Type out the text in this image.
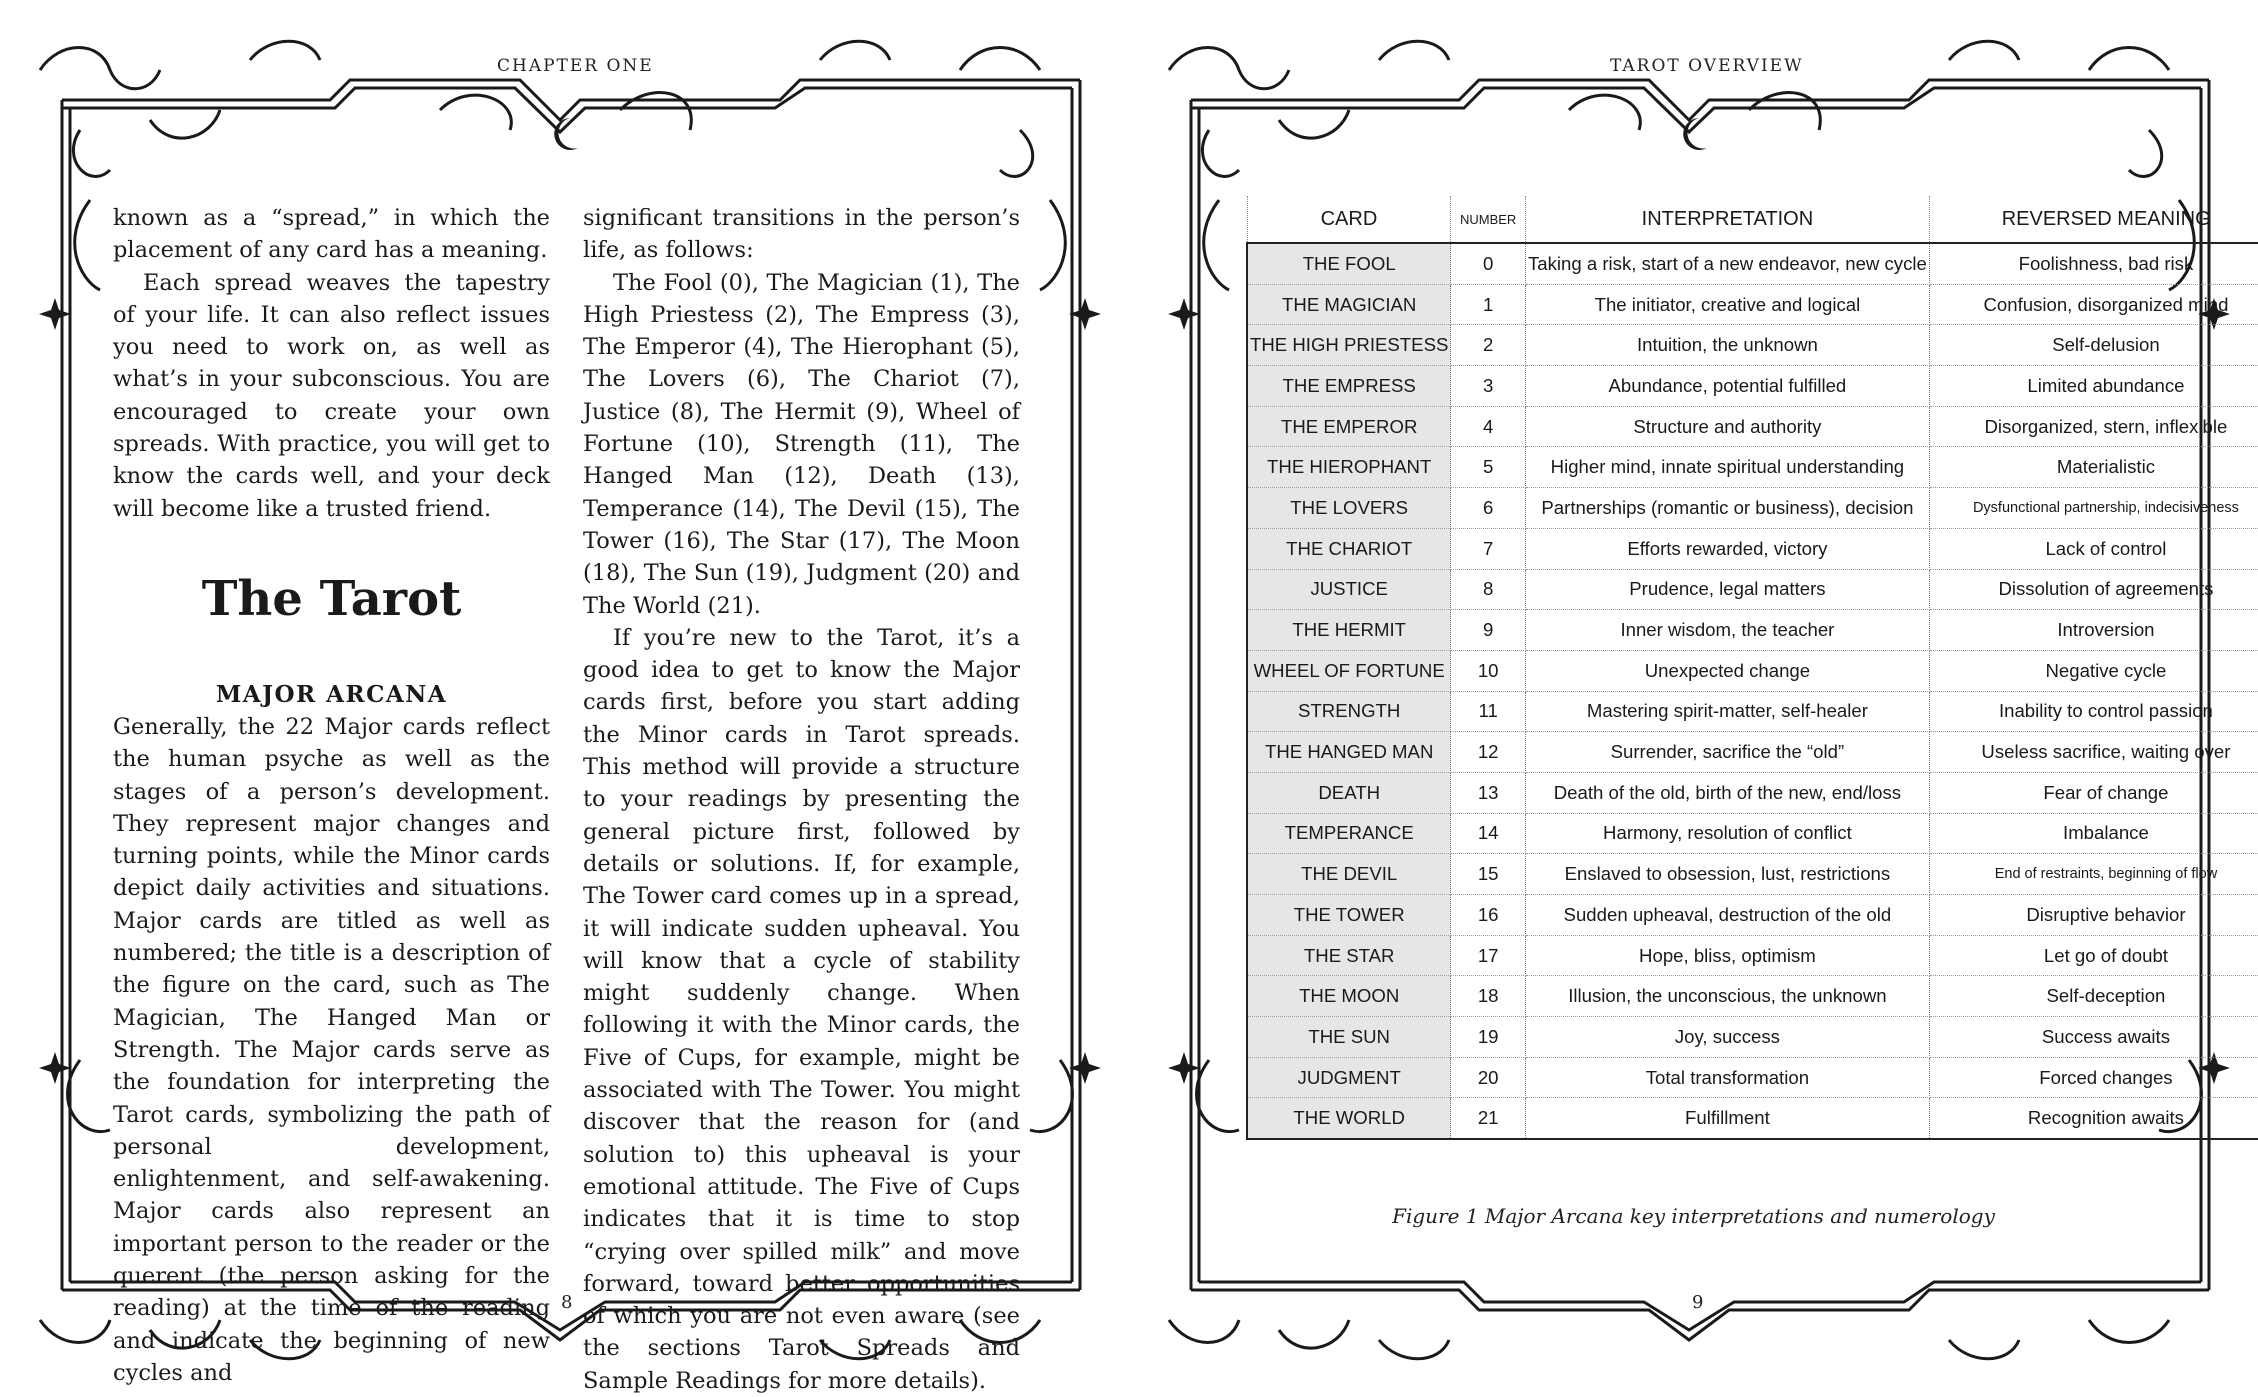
CHAPTER ONE

known as a “spread,” in which the placement of any card has a meaning.

Each spread weaves the tapestry of your life. It can also reflect issues you need to work on, as well as what’s in your subconscious. You are encouraged to create your own spreads. With practice, you will get to know the cards well, and your deck will become like a trusted friend.

The Tarot
MAJOR ARCANA

Generally, the 22 Major cards reflect the human psyche as well as the stages of a person’s development. They represent major changes and turning points, while the Minor cards depict daily activities and situations. Major cards are titled as well as numbered; the title is a description of the figure on the card, such as The Magician, The Hanged Man or Strength. The Major cards serve as the foundation for interpreting the Tarot cards, symbolizing the path of personal development, enlightenment, and self-awakening. Major cards also represent an important person to the reader or the querent (the person asking for the reading) at the time of the reading and indicate the beginning of new cycles and

significant transitions in the person’s life, as follows:

The Fool (0), The Magician (1), The High Priestess (2), The Empress (3), The Emperor (4), The Hierophant (5), The Lovers (6), The Chariot (7), Justice (8), The Hermit (9), Wheel of Fortune (10), Strength (11), The Hanged Man (12), Death (13), Temperance (14), The Devil (15), The Tower (16), The Star (17), The Moon (18), The Sun (19), Judgment (20) and The World (21).

If you’re new to the Tarot, it’s a good idea to get to know the Major cards first, before you start adding the Minor cards in Tarot spreads. This method will provide a structure to your readings by presenting the general picture first, followed by details or solutions. If, for example, The Tower card comes up in a spread, it will indicate sudden upheaval. You will know that a cycle of stability might suddenly change. When following it with the Minor cards, the Five of Cups, for example, might be associated with The Tower. You might discover that the reason for (and solution to) this upheaval is your emotional attitude. The Five of Cups indicates that it is time to stop “crying over spilled milk” and move forward, toward better opportunities of which you are not even aware (see the sections Tarot Spreads and Sample Readings for more details).

8
TAROT OVERVIEW
CARD	NUMBER	INTERPRETATION	REVERSED MEANING
THE FOOL	0	Taking a risk, start of a new endeavor, new cycle	Foolishness, bad risk
THE MAGICIAN	1	The initiator, creative and logical	Confusion, disorganized mind
THE HIGH PRIESTESS	2	Intuition, the unknown	Self-delusion
THE EMPRESS	3	Abundance, potential fulfilled	Limited abundance
THE EMPEROR	4	Structure and authority	Disorganized, stern, inflexible
THE HIEROPHANT	5	Higher mind, innate spiritual understanding	Materialistic
THE LOVERS	6	Partnerships (romantic or business), decision	Dysfunctional partnership, indecisiveness
THE CHARIOT	7	Efforts rewarded, victory	Lack of control
JUSTICE	8	Prudence, legal matters	Dissolution of agreements
THE HERMIT	9	Inner wisdom, the teacher	Introversion
WHEEL OF FORTUNE	10	Unexpected change	Negative cycle
STRENGTH	11	Mastering spirit-matter, self-healer	Inability to control passion
THE HANGED MAN	12	Surrender, sacrifice the “old”	Useless sacrifice, waiting over
DEATH	13	Death of the old, birth of the new, end/loss	Fear of change
TEMPERANCE	14	Harmony, resolution of conflict	Imbalance
THE DEVIL	15	Enslaved to obsession, lust, restrictions	End of restraints, beginning of flow
THE TOWER	16	Sudden upheaval, destruction of the old	Disruptive behavior
THE STAR	17	Hope, bliss, optimism	Let go of doubt
THE MOON	18	Illusion, the unconscious, the unknown	Self-deception
THE SUN	19	Joy, success	Success awaits
JUDGMENT	20	Total transformation	Forced changes
THE WORLD	21	Fulfillment	Recognition awaits
Figure 1 Major Arcana key interpretations and numerology
9
